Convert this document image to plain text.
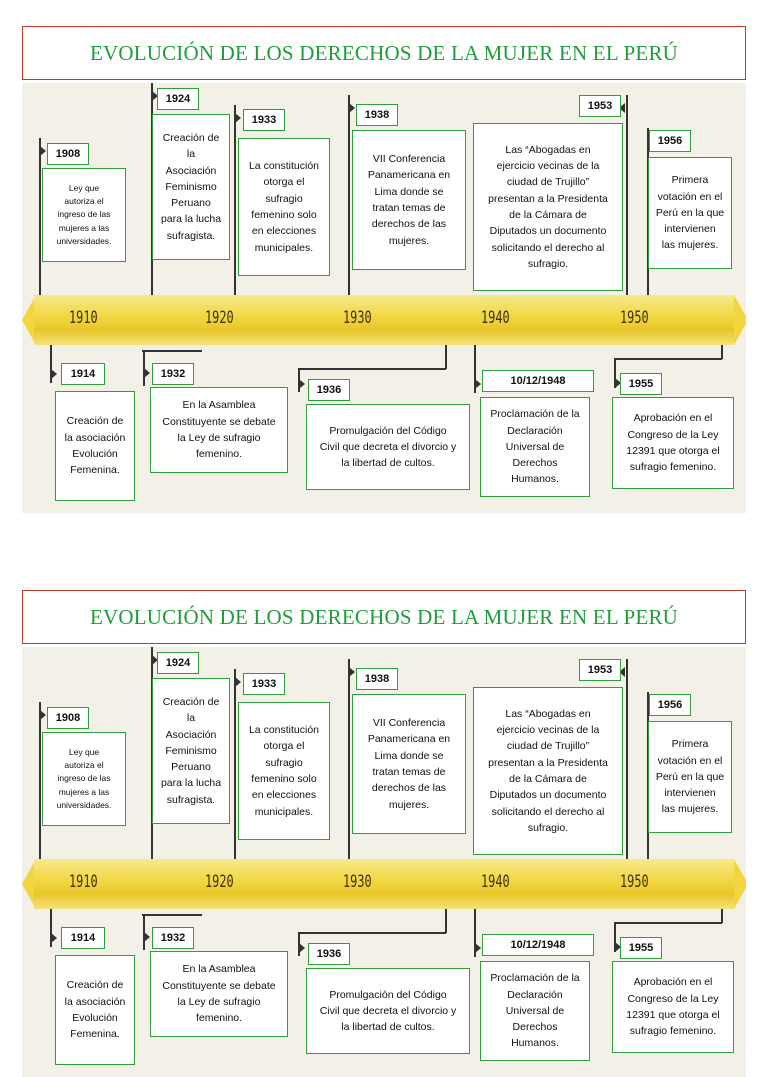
EVOLUCIÓN DE LOS DERECHOS DE LA MUJER EN EL PERÚ
1910	1920	1930	1940	1950
1908
Ley que
autoriza el
ingreso de las
mujeres a las
universidades.
1924
Creación de
la
Asociación
Feminismo
Peruano
para la lucha
sufragista.
1933
La constitución
otorga el
sufragio
femenino solo
en elecciones
municipales.
1938
VII Conferencia
Panamericana en
Lima donde se
tratan temas de
derechos de las
mujeres.
1953
Las “Abogadas en
ejercicio vecinas de la
ciudad de Trujillo”
presentan a la Presidenta
de la Cámara de
Diputados un documento
solicitando el derecho al
sufragio.
1956
Primera
votación en el
Perú en la que
intervienen
las mujeres.
1914
Creación de
la asociación
Evolución
Femenina.
1932
En la Asamblea
Constituyente se debate
la Ley de sufragio
femenino.
1936
Promulgación del Código
Civil que decreta el divorcio y
la libertad de cultos.
10/12/1948
Proclamación de la
Declaración
Universal de
Derechos
Humanos.
1955
Aprobación en el
Congreso de la Ley
12391 que otorga el
sufragio femenino.
EVOLUCIÓN DE LOS DERECHOS DE LA MUJER EN EL PERÚ
1910	1920	1930	1940	1950
1908
Ley que
autoriza el
ingreso de las
mujeres a las
universidades.
1924
Creación de
la
Asociación
Feminismo
Peruano
para la lucha
sufragista.
1933
La constitución
otorga el
sufragio
femenino solo
en elecciones
municipales.
1938
VII Conferencia
Panamericana en
Lima donde se
tratan temas de
derechos de las
mujeres.
1953
Las “Abogadas en
ejercicio vecinas de la
ciudad de Trujillo”
presentan a la Presidenta
de la Cámara de
Diputados un documento
solicitando el derecho al
sufragio.
1956
Primera
votación en el
Perú en la que
intervienen
las mujeres.
1914
Creación de
la asociación
Evolución
Femenina.
1932
En la Asamblea
Constituyente se debate
la Ley de sufragio
femenino.
1936
Promulgación del Código
Civil que decreta el divorcio y
la libertad de cultos.
10/12/1948
Proclamación de la
Declaración
Universal de
Derechos
Humanos.
1955
Aprobación en el
Congreso de la Ley
12391 que otorga el
sufragio femenino.
